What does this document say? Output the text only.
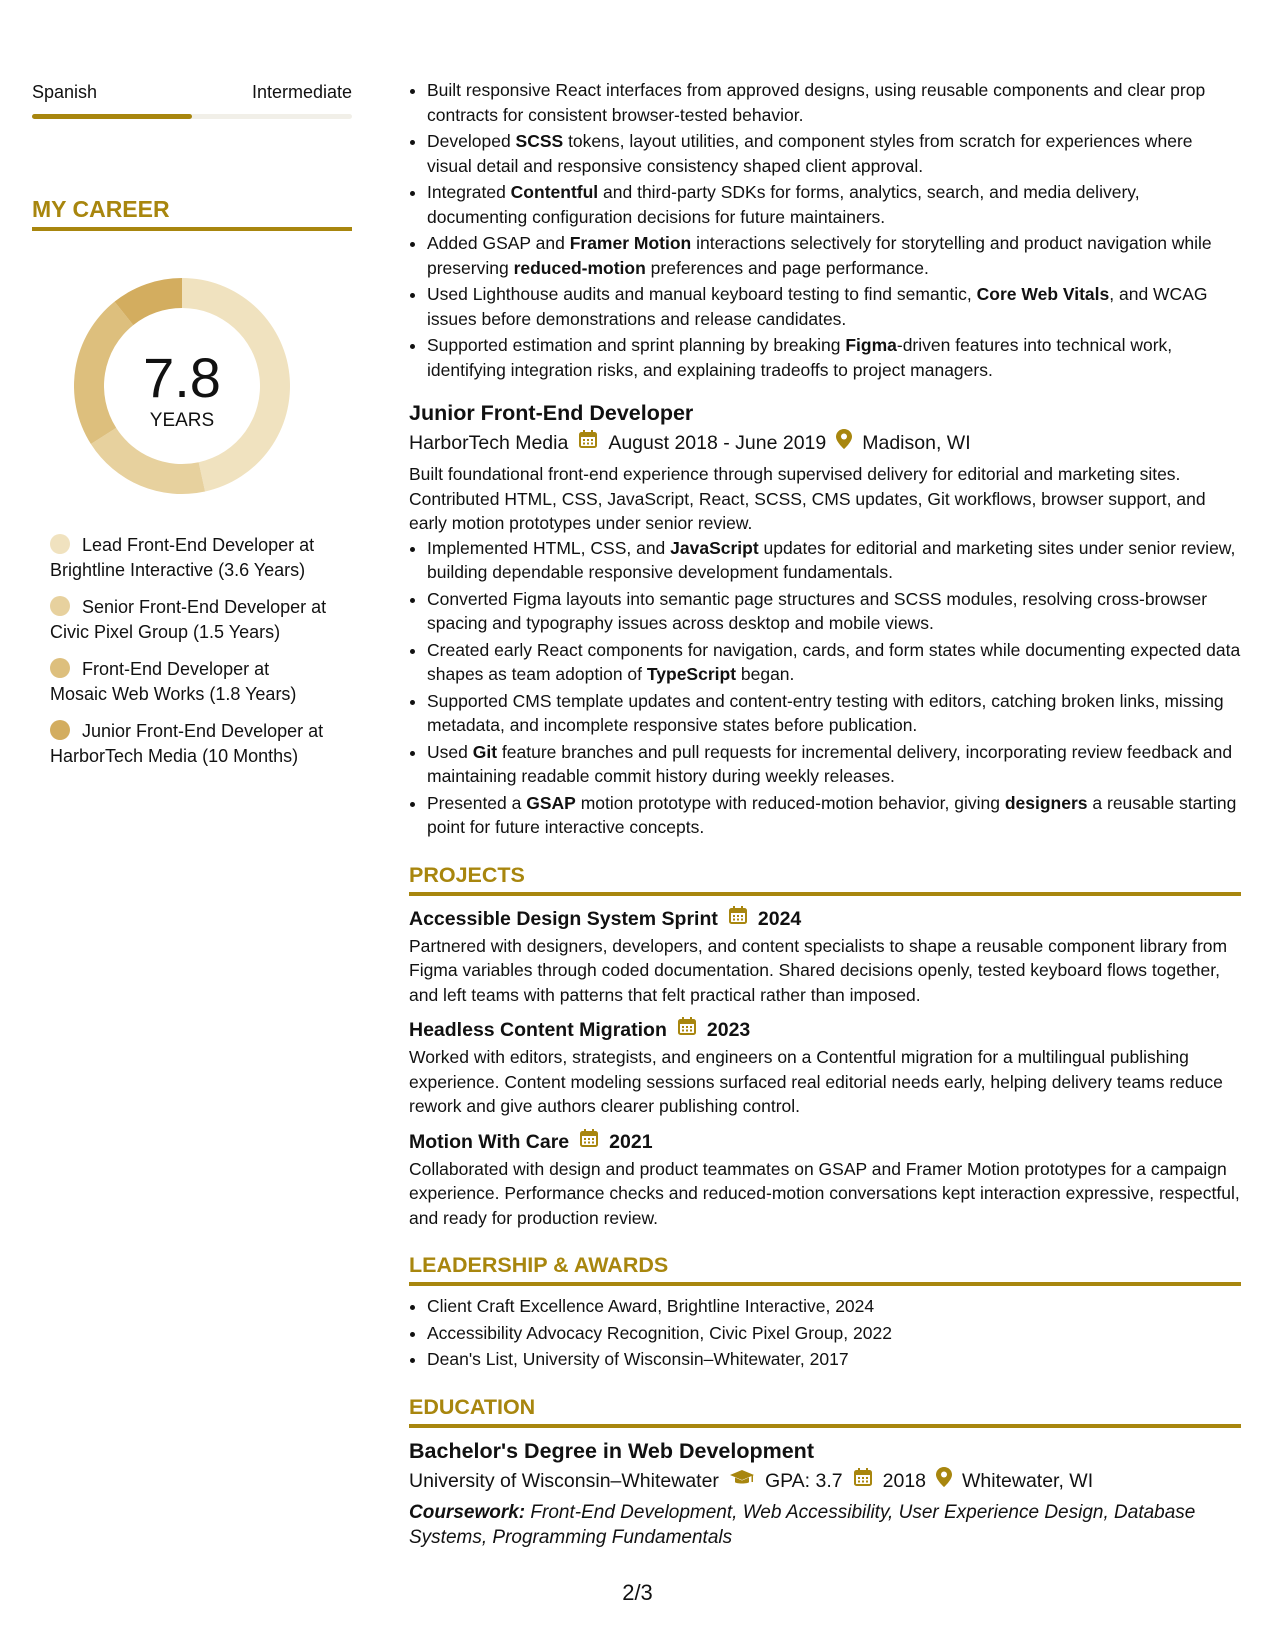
Spanish	Intermediate
MY CAREER
7.8
YEARS
Lead Front-End Developer at Brightline Interactive (3.6 Years)
Senior Front-End Developer at Civic Pixel Group (1.5 Years)
Front-End Developer at Mosaic Web Works (1.8 Years)
Junior Front-End Developer at HarborTech Media (10 Months)
• Built responsive React interfaces from approved designs, using reusable components and clear prop contracts for consistent browser-tested behavior.
• Developed SCSS tokens, layout utilities, and component styles from scratch for experiences where visual detail and responsive consistency shaped client approval.
• Integrated Contentful and third-party SDKs for forms, analytics, search, and media delivery, documenting configuration decisions for future maintainers.
• Added GSAP and Framer Motion interactions selectively for storytelling and product navigation while preserving reduced-motion preferences and page performance.
• Used Lighthouse audits and manual keyboard testing to find semantic, Core Web Vitals, and WCAG issues before demonstrations and release candidates.
• Supported estimation and sprint planning by breaking Figma-driven features into technical work, identifying integration risks, and explaining tradeoffs to project managers.
Junior Front-End Developer
HarborTech Media August 2018 - June 2019 Madison, WI
Built foundational front-end experience through supervised delivery for editorial and marketing sites. Contributed HTML, CSS, JavaScript, React, SCSS, CMS updates, Git workflows, browser support, and early motion prototypes under senior review.
• Implemented HTML, CSS, and JavaScript updates for editorial and marketing sites under senior review, building dependable responsive development fundamentals.
• Converted Figma layouts into semantic page structures and SCSS modules, resolving cross-browser spacing and typography issues across desktop and mobile views.
• Created early React components for navigation, cards, and form states while documenting expected data shapes as team adoption of TypeScript began.
• Supported CMS template updates and content-entry testing with editors, catching broken links, missing metadata, and incomplete responsive states before publication.
• Used Git feature branches and pull requests for incremental delivery, incorporating review feedback and maintaining readable commit history during weekly releases.
• Presented a GSAP motion prototype with reduced-motion behavior, giving designers a reusable starting point for future interactive concepts.
PROJECTS
Accessible Design System Sprint 2024
Partnered with designers, developers, and content specialists to shape a reusable component library from Figma variables through coded documentation. Shared decisions openly, tested keyboard flows together, and left teams with patterns that felt practical rather than imposed.
Headless Content Migration 2023
Worked with editors, strategists, and engineers on a Contentful migration for a multilingual publishing experience. Content modeling sessions surfaced real editorial needs early, helping delivery teams reduce rework and give authors clearer publishing control.
Motion With Care 2021
Collaborated with design and product teammates on GSAP and Framer Motion prototypes for a campaign experience. Performance checks and reduced-motion conversations kept interaction expressive, respectful, and ready for production review.
LEADERSHIP & AWARDS
• Client Craft Excellence Award, Brightline Interactive, 2024
• Accessibility Advocacy Recognition, Civic Pixel Group, 2022
• Dean's List, University of Wisconsin–Whitewater, 2017
EDUCATION
Bachelor's Degree in Web Development
University of Wisconsin–Whitewater GPA: 3.7 2018 Whitewater, WI
Coursework: Front-End Development, Web Accessibility, User Experience Design, Database Systems, Programming Fundamentals
2/3
